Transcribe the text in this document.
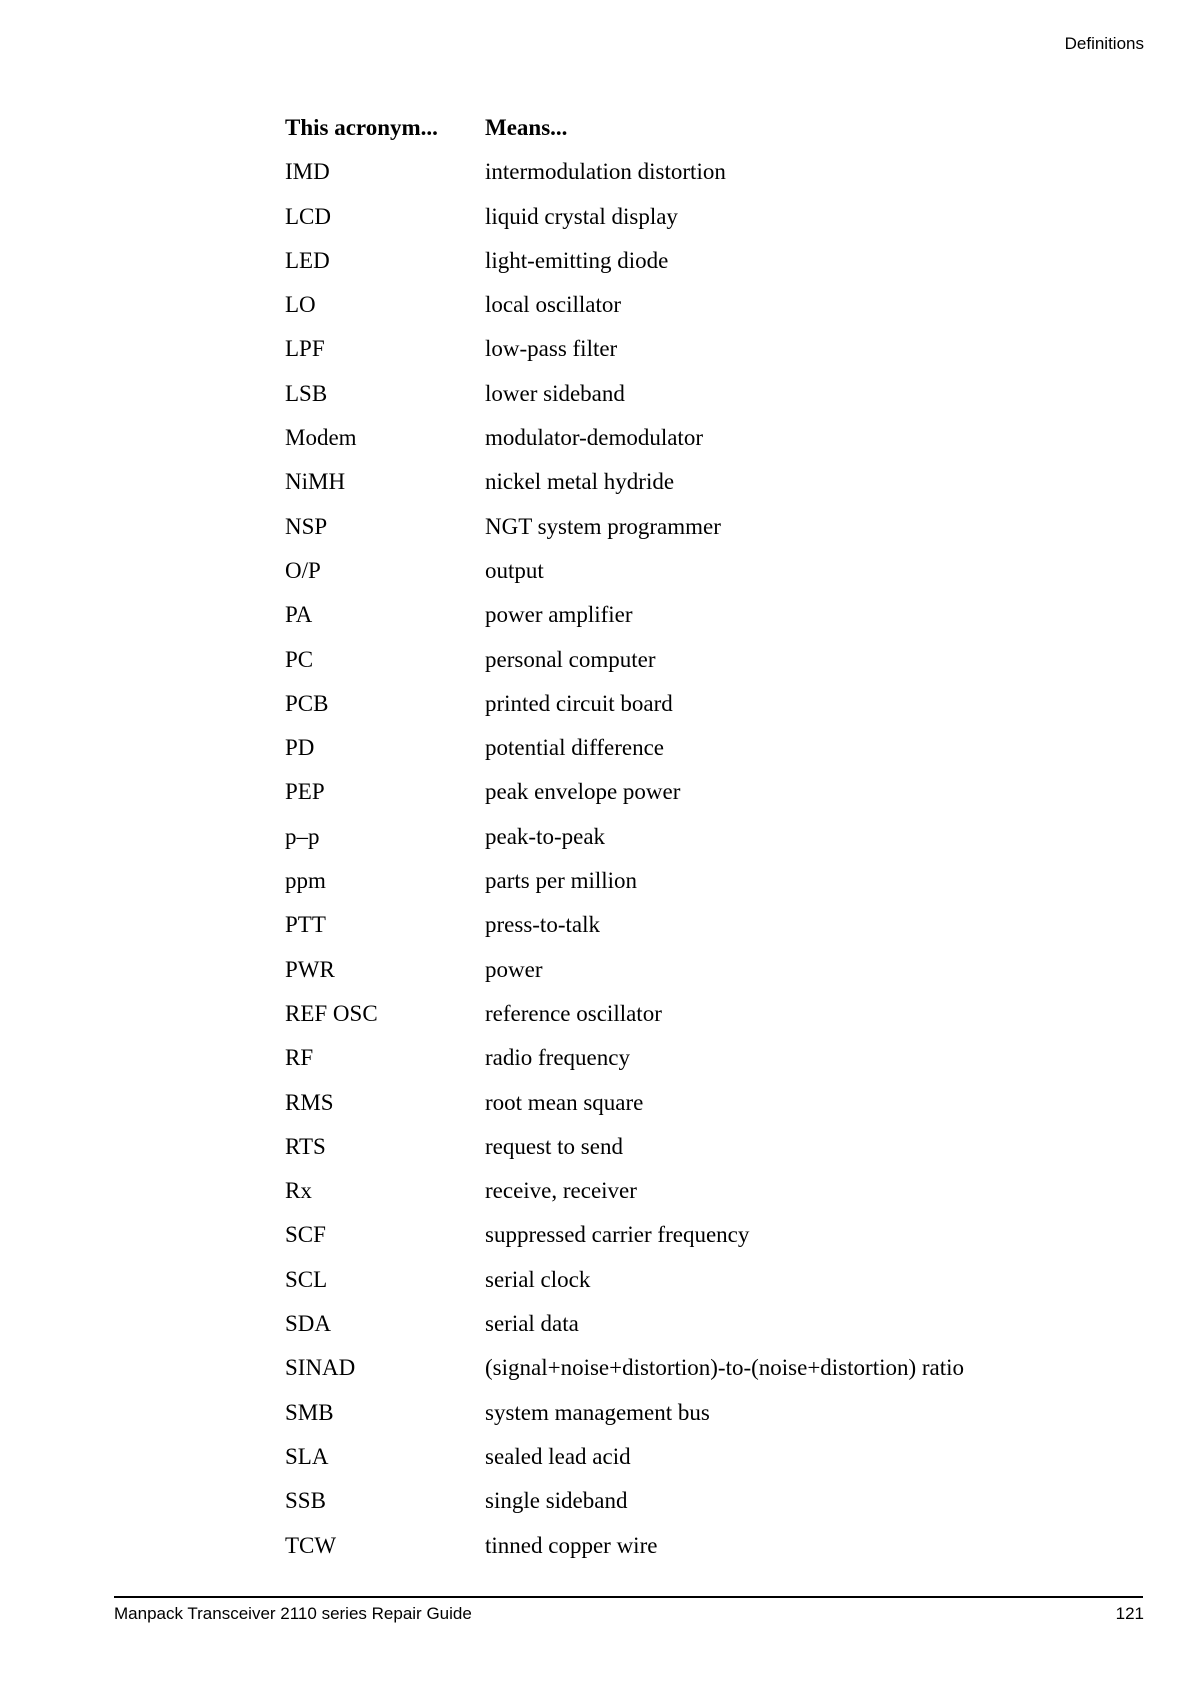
Definitions
This acronym...	Means...
IMD	intermodulation distortion
LCD	liquid crystal display
LED	light-emitting diode
LO	local oscillator
LPF	low-pass filter
LSB	lower sideband
Modem	modulator-demodulator
NiMH	nickel metal hydride
NSP	NGT system programmer
O/P	output
PA	power amplifier
PC	personal computer
PCB	printed circuit board
PD	potential difference
PEP	peak envelope power
p–p	peak-to-peak
ppm	parts per million
PTT	press-to-talk
PWR	power
REF OSC	reference oscillator
RF	radio frequency
RMS	root mean square
RTS	request to send
Rx	receive, receiver
SCF	suppressed carrier frequency
SCL	serial clock
SDA	serial data
SINAD	(signal+noise+distortion)-to-(noise+distortion) ratio
SMB	system management bus
SLA	sealed lead acid
SSB	single sideband
TCW	tinned copper wire
Manpack Transceiver 2110 series Repair Guide	121
